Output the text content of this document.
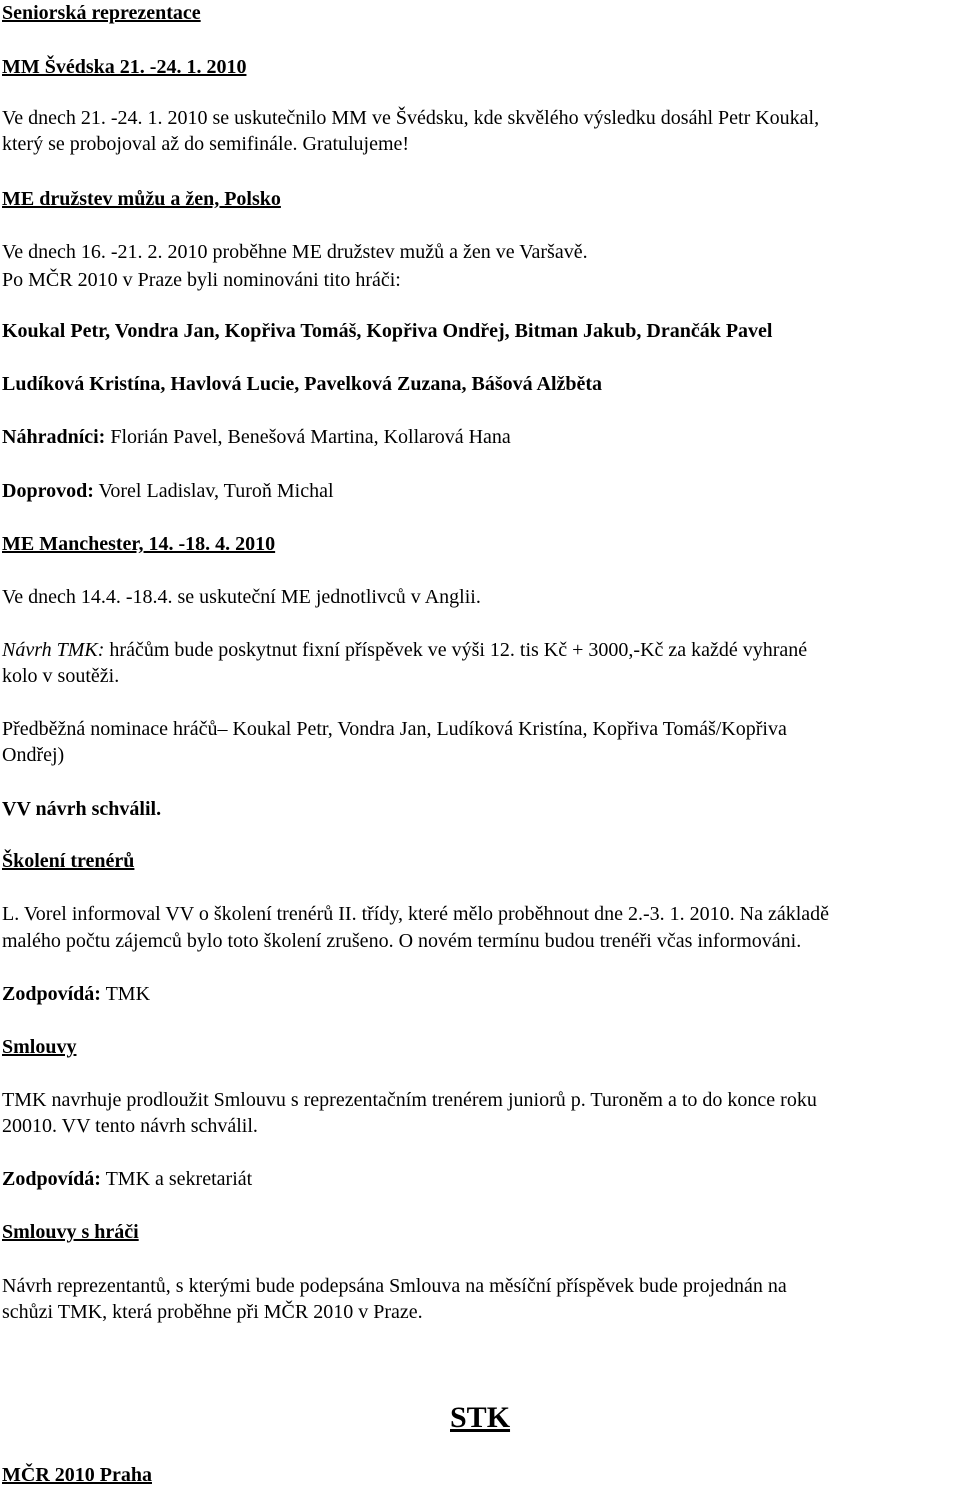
Seniorská reprezentace
MM Švédska 21. -24. 1. 2010
Ve dnech 21. -24. 1. 2010 se uskutečnilo MM ve Švédsku, kde skvělého výsledku dosáhl Petr Koukal,
který se probojoval až do semifinále. Gratulujeme!
ME družstev můžu a žen, Polsko
Ve dnech 16. -21. 2. 2010 proběhne ME družstev mužů a žen ve Varšavě.
Po MČR 2010 v Praze byli nominováni tito hráči:
Koukal Petr, Vondra Jan, Kopřiva Tomáš, Kopřiva Ondřej, Bitman Jakub, Drančák Pavel
Ludíková Kristína, Havlová Lucie, Pavelková Zuzana, Bášová Alžběta
Náhradníci: Florián Pavel, Benešová Martina, Kollarová Hana
Doprovod: Vorel Ladislav, Turoň Michal
ME Manchester, 14. -18. 4. 2010
Ve dnech 14.4. -18.4. se uskuteční ME jednotlivců v Anglii.
Návrh TMK: hráčům bude poskytnut fixní příspěvek ve výši 12. tis Kč + 3000,-Kč za každé vyhrané
kolo v soutěži.
Předběžná nominace hráčů– Koukal Petr, Vondra Jan, Ludíková Kristína, Kopřiva Tomáš/Kopřiva
Ondřej)
VV návrh schválil.
Školení trenérů
L. Vorel informoval VV o školení trenérů II. třídy, které mělo proběhnout dne 2.-3. 1. 2010. Na základě
malého počtu zájemců bylo toto školení zrušeno. O novém termínu budou trenéři včas informováni.
Zodpovídá: TMK
Smlouvy
TMK navrhuje prodloužit Smlouvu s reprezentačním trenérem juniorů p. Turoněm a to do konce roku
20010. VV tento návrh schválil.
Zodpovídá: TMK a sekretariát
Smlouvy s hráči
Návrh reprezentantů, s kterými bude podepsána Smlouva na měsíční příspěvek bude projednán na
schůzi TMK, která proběhne při MČR 2010 v Praze.
STK
MČR 2010 Praha
